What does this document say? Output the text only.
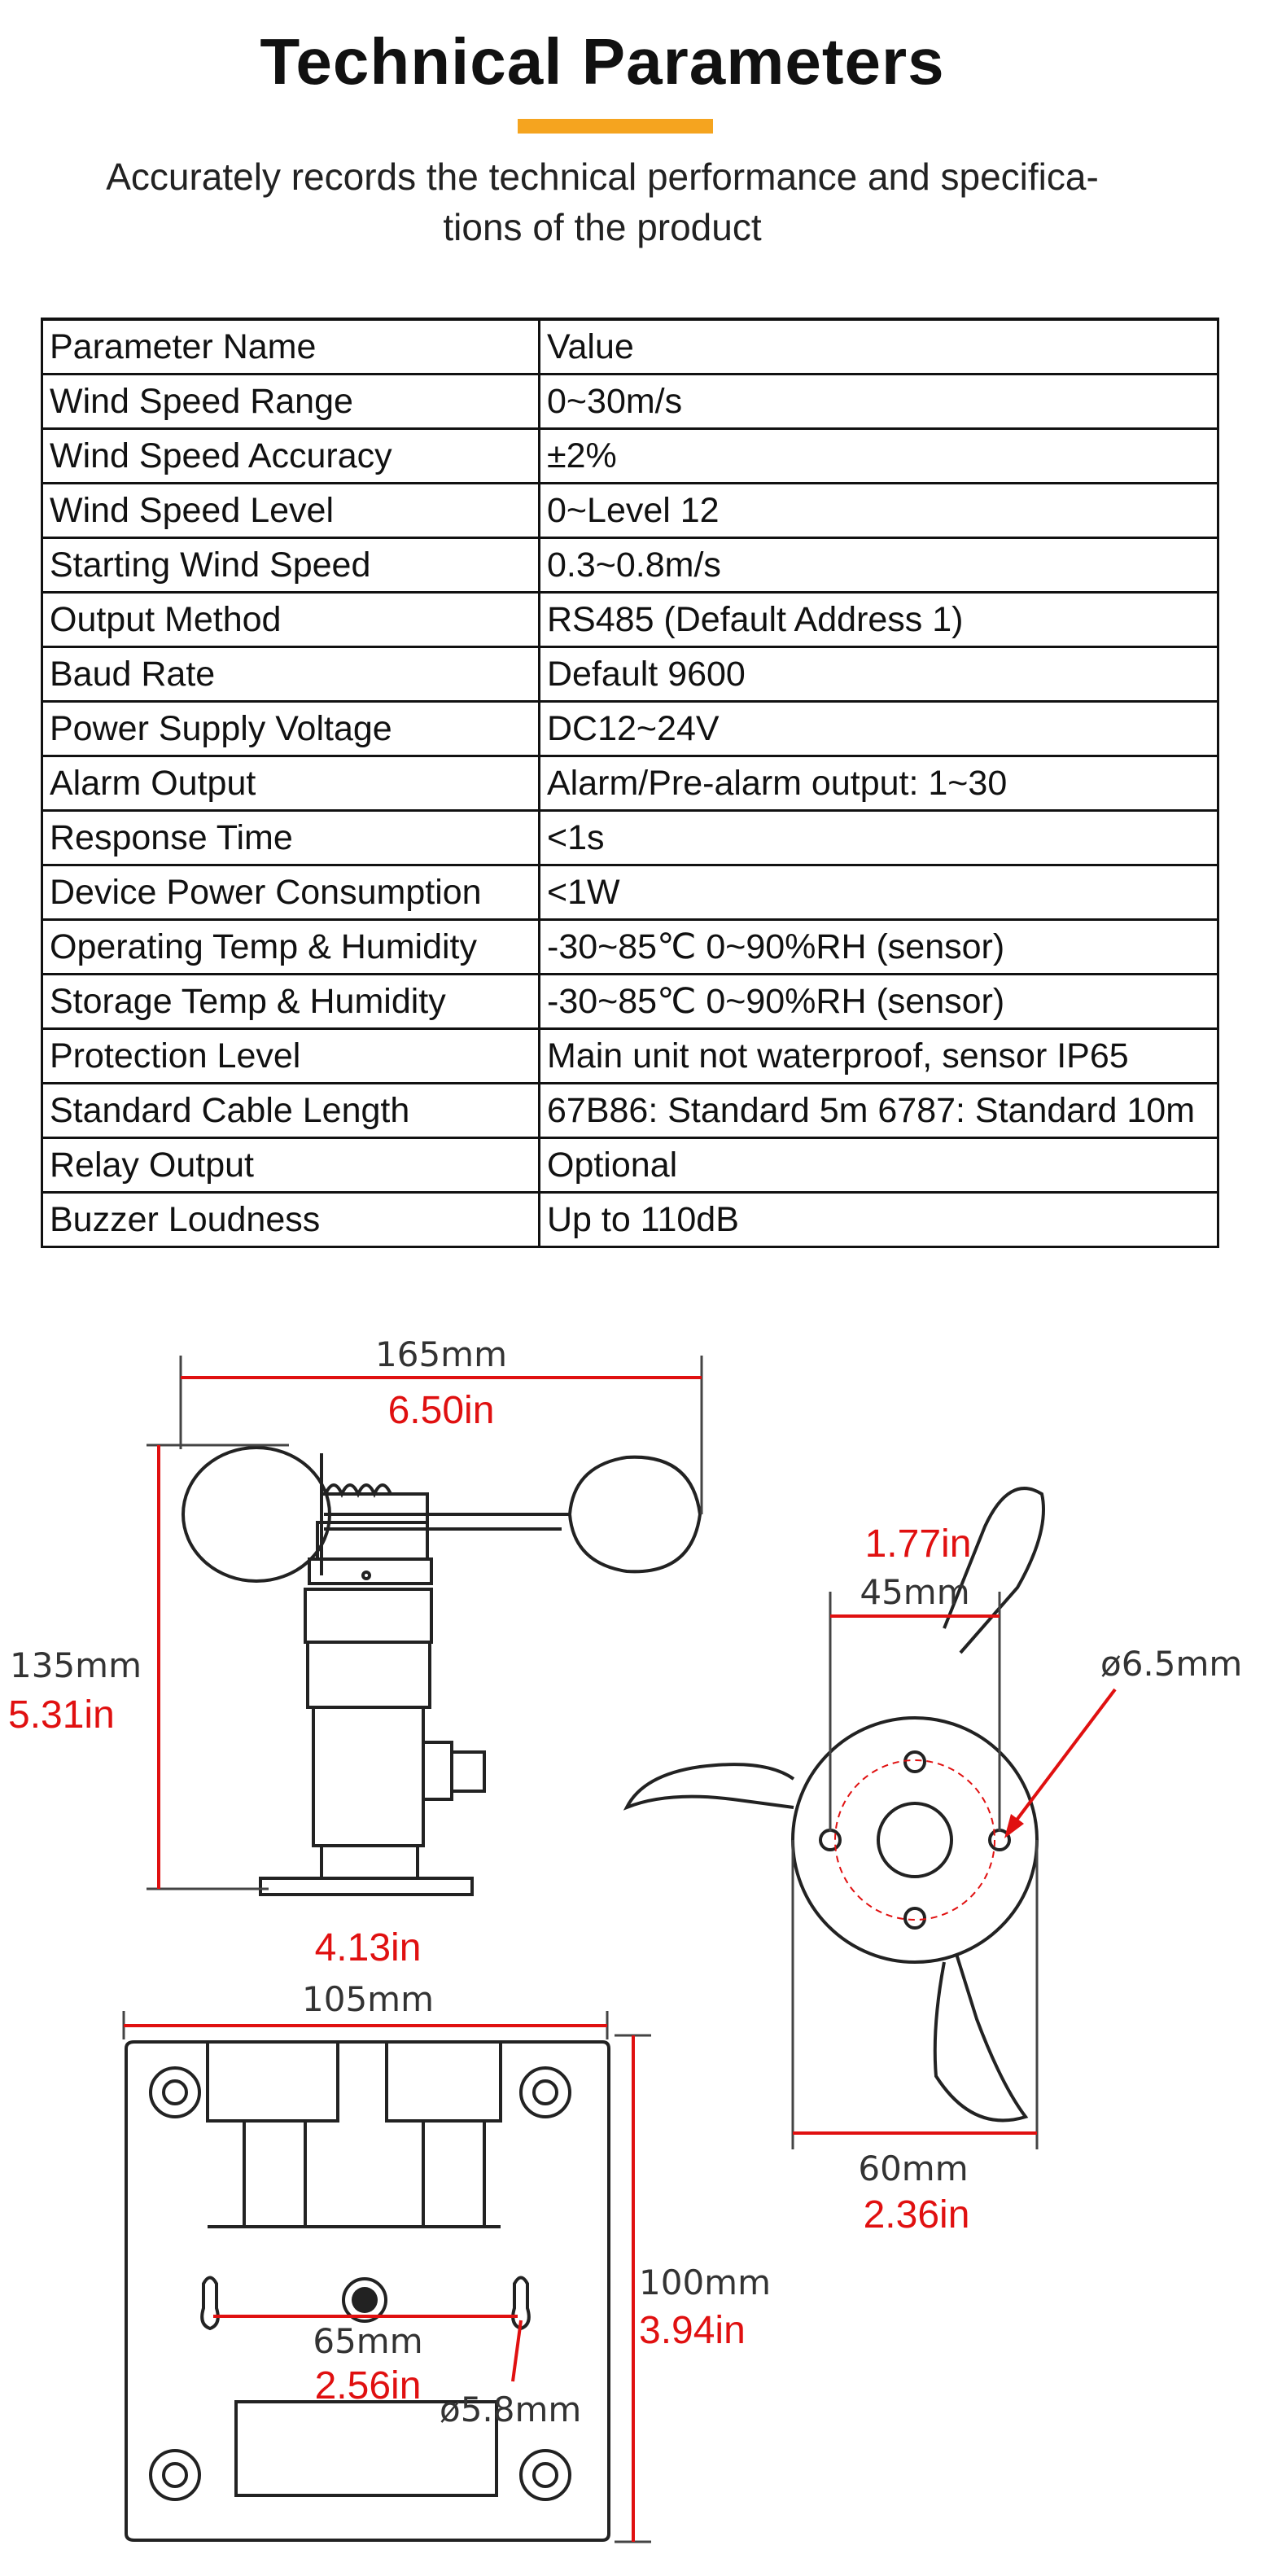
Technical Parameters
Accurately records the technical performance and specifica-
tions of the product
Parameter Name	Value
Wind Speed Range	0~30m/s
Wind Speed Accuracy	±2%
Wind Speed Level	0~Level 12
Starting Wind Speed	0.3~0.8m/s
Output Method	RS485 (Default Address 1)
Baud Rate	Default 9600
Power Supply Voltage	DC12~24V
Alarm Output	Alarm/Pre-alarm output: 1~30
Response Time	<1s
Device Power Consumption	<1W
Operating Temp & Humidity	-30~85℃ 0~90%RH (sensor)
Storage Temp & Humidity	-30~85℃ 0~90%RH (sensor)
Protection Level	Main unit not waterproof, sensor IP65
Standard Cable Length	67B86: Standard 5m 6787: Standard 10m
Relay Output	Optional
Buzzer Loudness	Up to 110dB
165mm
6.50in
135mm
5.31in
1.77in
45mm
ø6.5mm
60mm
2.36in
4.13in
105mm
65mm
2.56in
ø5.8mm
100mm
3.94in
